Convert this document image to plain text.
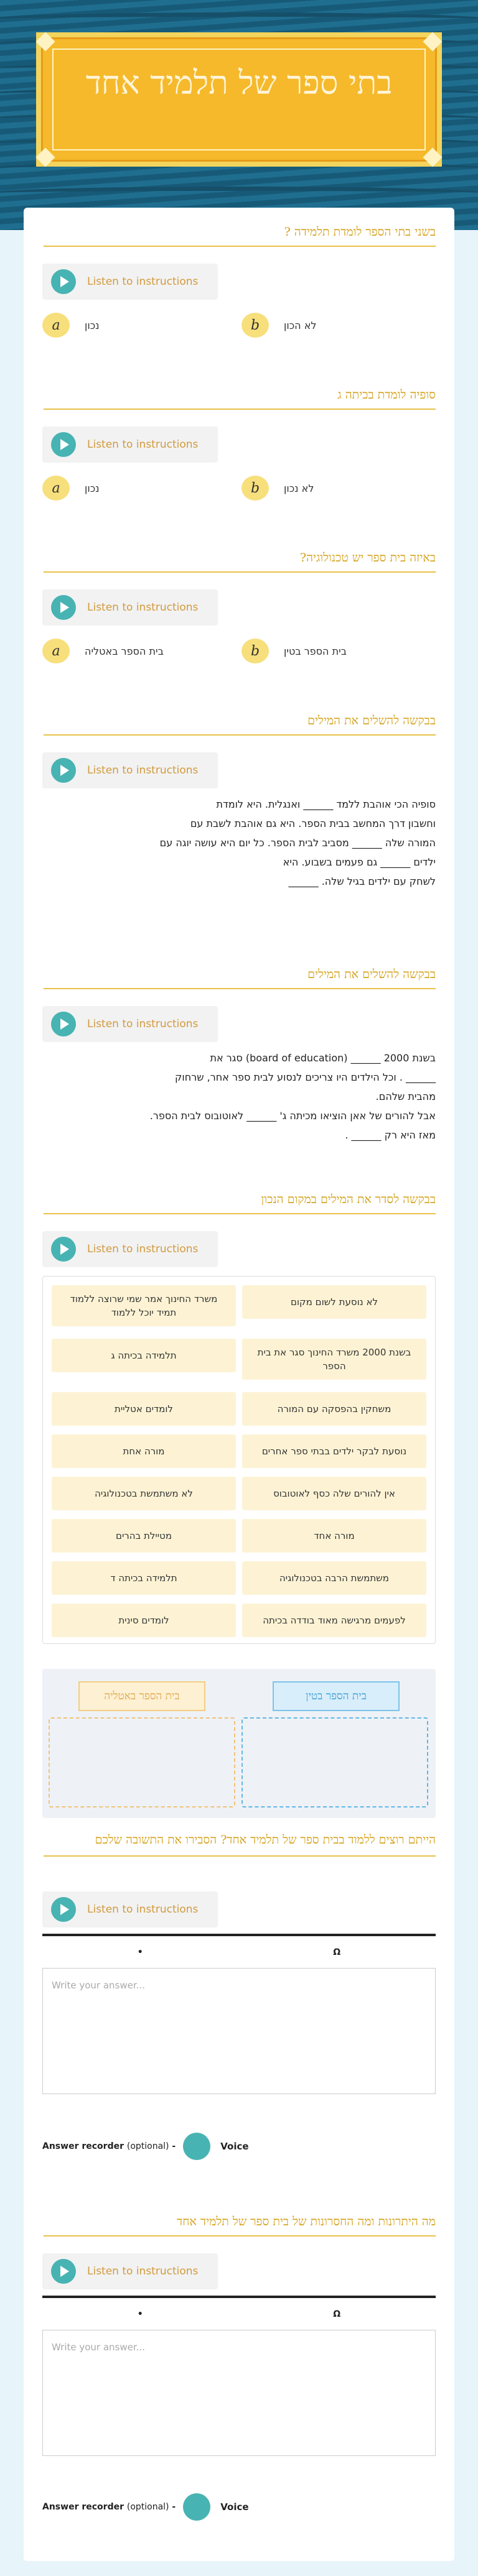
בתי ספר של תלמיד אחד
בשני בתי הספר לומדת תלמידה ?
Listen to instructions
a	נכון	b	לא הכון
סופיה לומדת בכיתה ג
Listen to instructions
a	נכון	b	לא נכון
באיזה בית ספר יש טכנולוגיה?
Listen to instructions
a	בית הספר באטליה	b	בית הספר בטין
בבקשה להשלים את המילים
Listen to instructions
סופיה הכי אוהבת ללמד ______ ואנגלית. היא לומדת
וחשבון דרך המחשב בבית הספר. היא גם אוהבת לשבת עם
המורה שלה ______ מסביב לבית הספר. כל יום היא עושה יוגה עם
ילדים ______ גם פעמים בשבוע. היא
לשחק עם ילדים בגיל שלה. ______
בבקשה להשלים את המילים
Listen to instructions
בשנת 2000 ______ (board of education) סגר את
______ . וכל הילדים היו צריכים לנסוע לבית ספר אחר, שרחוק
מהבית שלהם.
אבל להורים של אאן הוציאו מכיתה ג' ______ לאוטובוס לבית הספר.
מאז היא רק ______ .
בבקשה לסדר את המילים במקום הנכון
Listen to instructions
לא נוסעת לשום מקום
משרד החינוך אמר שמי שרוצה ללמוד תמיד יוכל ללמוד
בשנת 2000 משרד החינוך סגר את בית הספר
תלמידה בכיתה ג
משחקין בהפסקה עם המורה
לומדים אטליית
נוסעת לבקר ילדים בבתי ספר אחרים
מורה אחת
אין להורים שלה כסף לאוטובוס
לא משתמשת בטכנולוגיה
מורה אחד
מטיילת בהרים
משתמשת הרבה בטכנולוגיה
תלמידה בכיתה ד
לפעמים מרגישה מאוד בודדה בכיתה
לומדים סינית
בית הספר בטין
בית הספר באטליה
הייתם רוצים ללמוד בבית ספר של תלמיד אחד? הסבירו את התשובה שלכם
Listen to instructions
•	Ω
Write your answer...
Answer recorder
(optional)
-	Voice
מה היתרונות ומה החסרונות של בית ספר של תלמיד אחד
Listen to instructions
•	Ω
Write your answer...
Answer recorder
(optional)
-	Voice
